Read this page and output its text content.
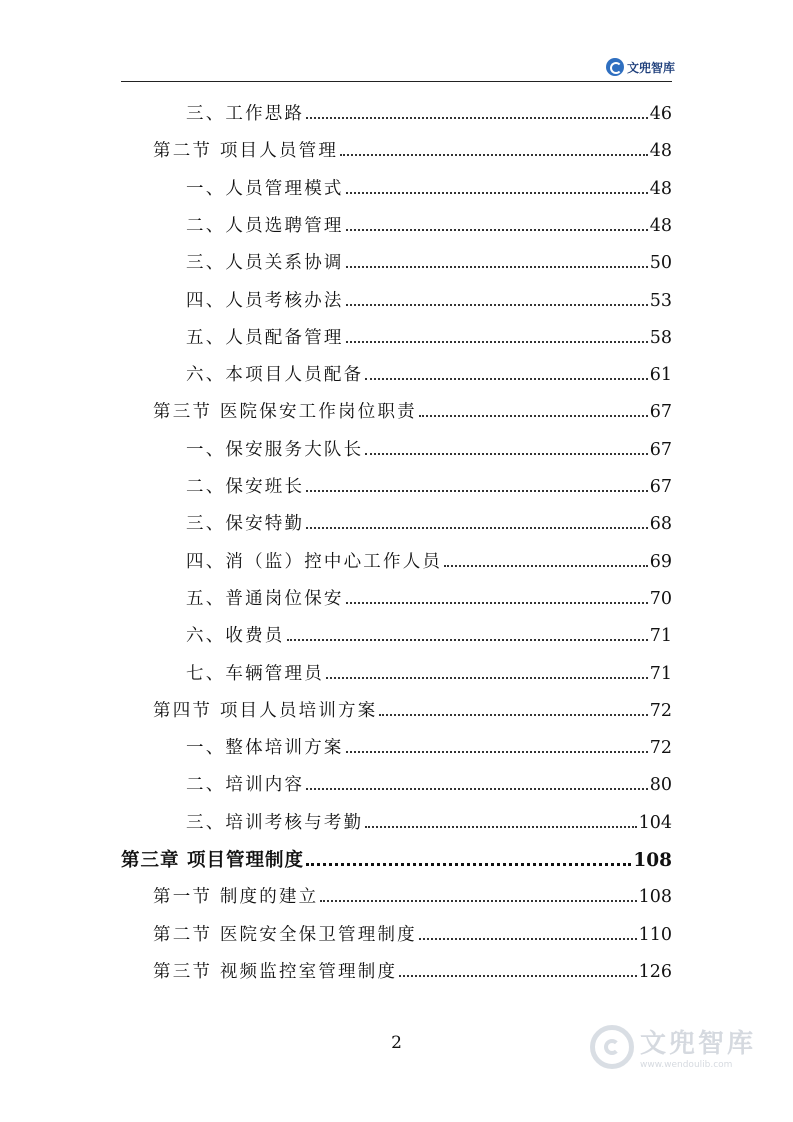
文兜智库
三、工作思路	46
第二节 项目人员管理	48
一、人员管理模式	48
二、人员选聘管理	48
三、人员关系协调	50
四、人员考核办法	53
五、人员配备管理	58
六、本项目人员配备	61
第三节 医院保安工作岗位职责	67
一、保安服务大队长	67
二、保安班长	67
三、保安特勤	68
四、消（监）控中心工作人员	69
五、普通岗位保安	70
六、收费员	71
七、车辆管理员	71
第四节 项目人员培训方案	72
一、整体培训方案	72
二、培训内容	80
三、培训考核与考勤	104
第三章 项目管理制度	108
第一节 制度的建立	108
第二节 医院安全保卫管理制度	110
第三节 视频监控室管理制度	126
2	文兜智库
www.wendoulib.com
